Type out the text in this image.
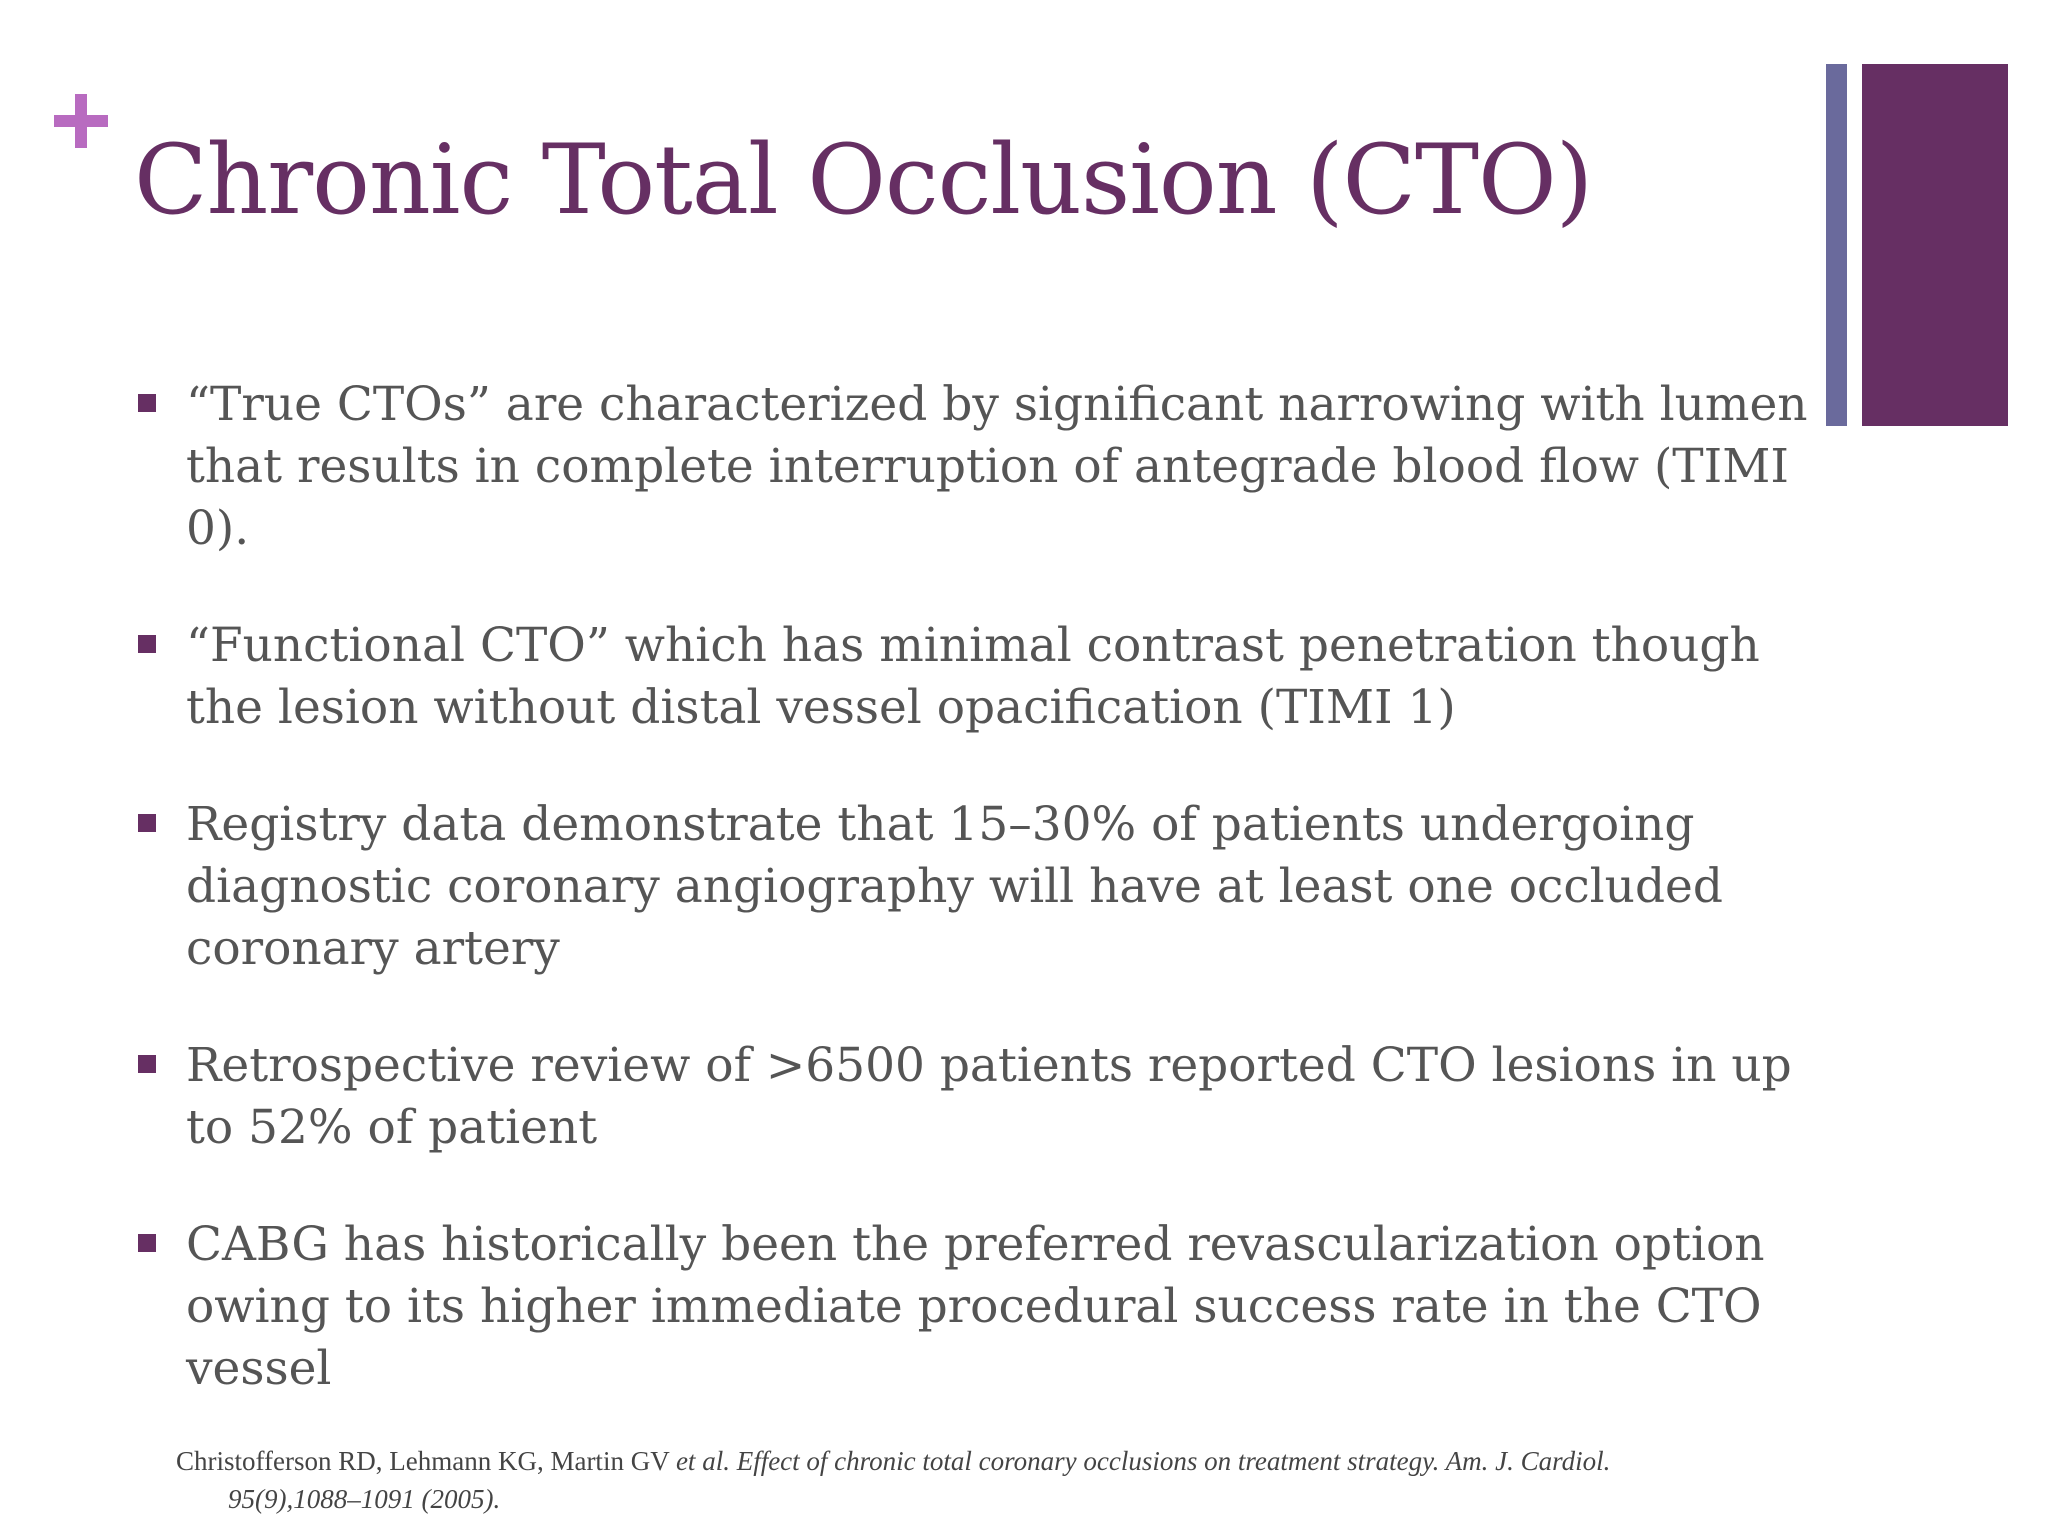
Chronic Total Occlusion (CTO)
“True CTOs” are characterized by significant narrowing with lumen that results in complete interruption of antegrade blood flow (TIMI 0).
“Functional CTO” which has minimal contrast penetration though the lesion without distal vessel opacification (TIMI 1)
Registry data demonstrate that 15–30% of patients undergoing diagnostic coronary angiography will have at least one occluded coronary artery
Retrospective review of >6500 patients reported CTO lesions in up to 52% of patient
CABG has historically been the preferred revascularization option owing to its higher immediate procedural success rate in the CTO vessel
Christofferson RD, Lehmann KG, Martin GV et al. Effect of chronic total coronary occlusions on treatment strategy. Am. J. Cardiol.
95(9),1088–1091 (2005).
